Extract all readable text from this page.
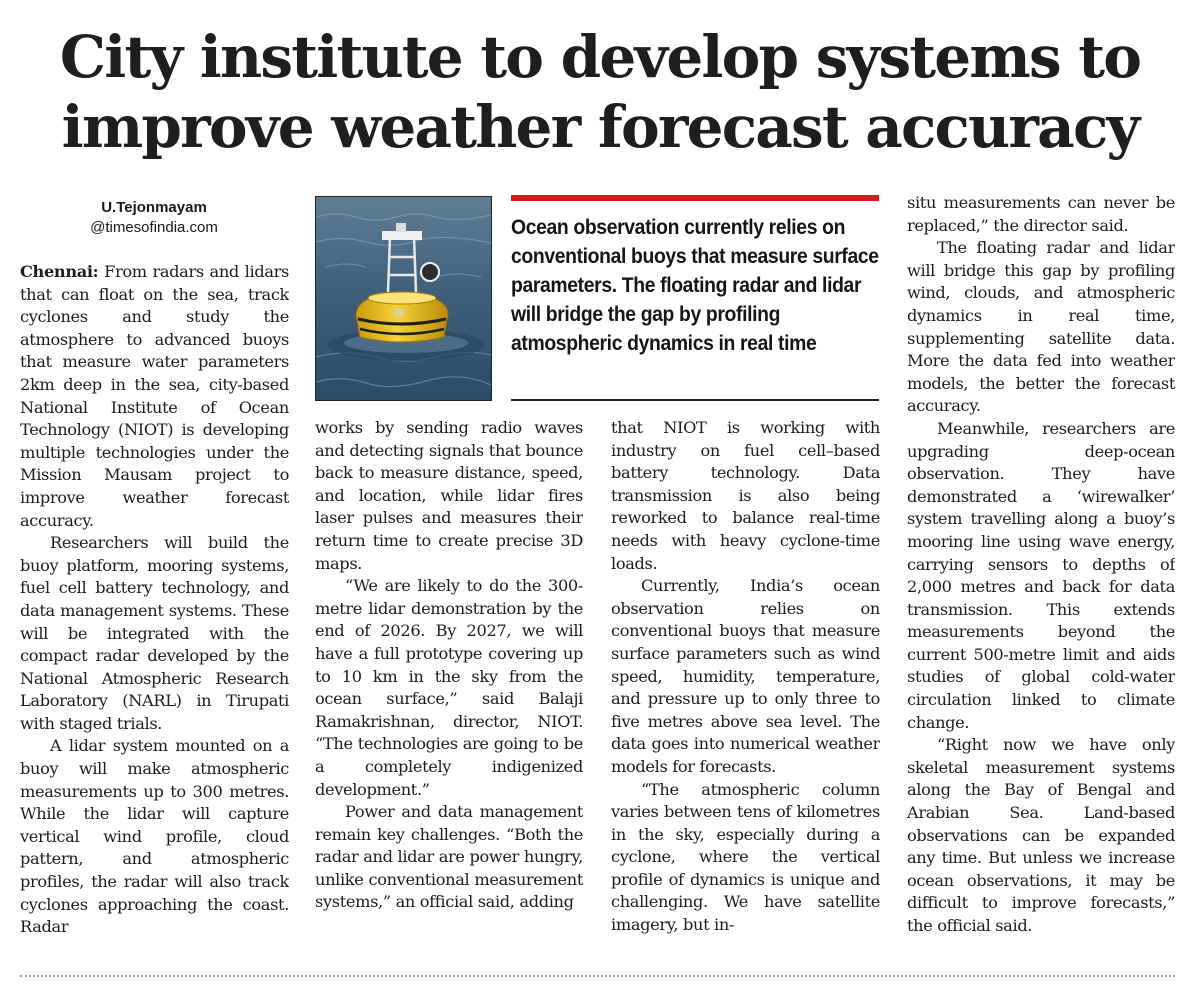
City institute to develop systems to
improve weather forecast accuracy
U.Tejonmayam
@timesofindia.com

Chennai: From radars and lidars that can float on the sea, track cyclones and study the atmosphere to advanced buoys that measure water parameters 2km deep in the sea, city-based National Institute of Ocean Technology (NIOT) is developing multiple technologies under the Mission Mausam project to improve weather forecast accuracy.

Researchers will build the buoy platform, mooring systems, fuel cell battery technology, and data management systems. These will be integrated with the compact radar developed by the National Atmospheric Research Laboratory (NARL) in Tirupati with staged trials.

A lidar system mounted on a buoy will make atmospheric measurements up to 300 metres. While the lidar will capture vertical wind profile, cloud pattern, and atmospheric profiles, the radar will also track cyclones approaching the coast. Radar

Ocean observation currently relies on conventional buoys that measure surface parameters. The floating radar and lidar will bridge the gap by profiling atmospheric dynamics in real time

works by sending radio waves and detecting signals that bounce back to measure distance, speed, and location, while lidar fires laser pulses and measures their return time to create precise 3D maps.

“We are likely to do the 300-metre lidar demonstration by the end of 2026. By 2027, we will have a full prototype covering up to 10 km in the sky from the ocean surface,” said Balaji Ramakrishnan, director, NIOT. “The technologies are going to be a completely indigenized development.”

Power and data management remain key challenges. “Both the radar and lidar are power hungry, unlike conventional measurement systems,” an official said, adding

that NIOT is working with industry on fuel cell–based battery technology. Data transmission is also being reworked to balance real-time needs with heavy cyclone-time loads.

Currently, India’s ocean observation relies on conventional buoys that measure surface parameters such as wind speed, humidity, temperature, and pressure up to only three to five metres above sea level. The data goes into numerical weather models for forecasts.

“The atmospheric column varies between tens of kilometres in the sky, especially during a cyclone, where the vertical profile of dynamics is unique and challenging. We have satellite imagery, but in-

situ measurements can never be replaced,” the director said.

The floating radar and lidar will bridge this gap by profiling wind, clouds, and atmospheric dynamics in real time, supplementing satellite data. More the data fed into weather models, the better the forecast accuracy.

Meanwhile, researchers are upgrading deep-ocean observation. They have demonstrated a ‘wirewalker’ system travelling along a buoy’s mooring line using wave energy, carrying sensors to depths of 2,000 metres and back for data transmission. This extends measurements beyond the current 500-metre limit and aids studies of global cold-water circulation linked to climate change.

“Right now we have only skeletal measurement systems along the Bay of Bengal and Arabian Sea. Land-based observations can be expanded any time. But unless we increase ocean observations, it may be difficult to improve forecasts,” the official said.
